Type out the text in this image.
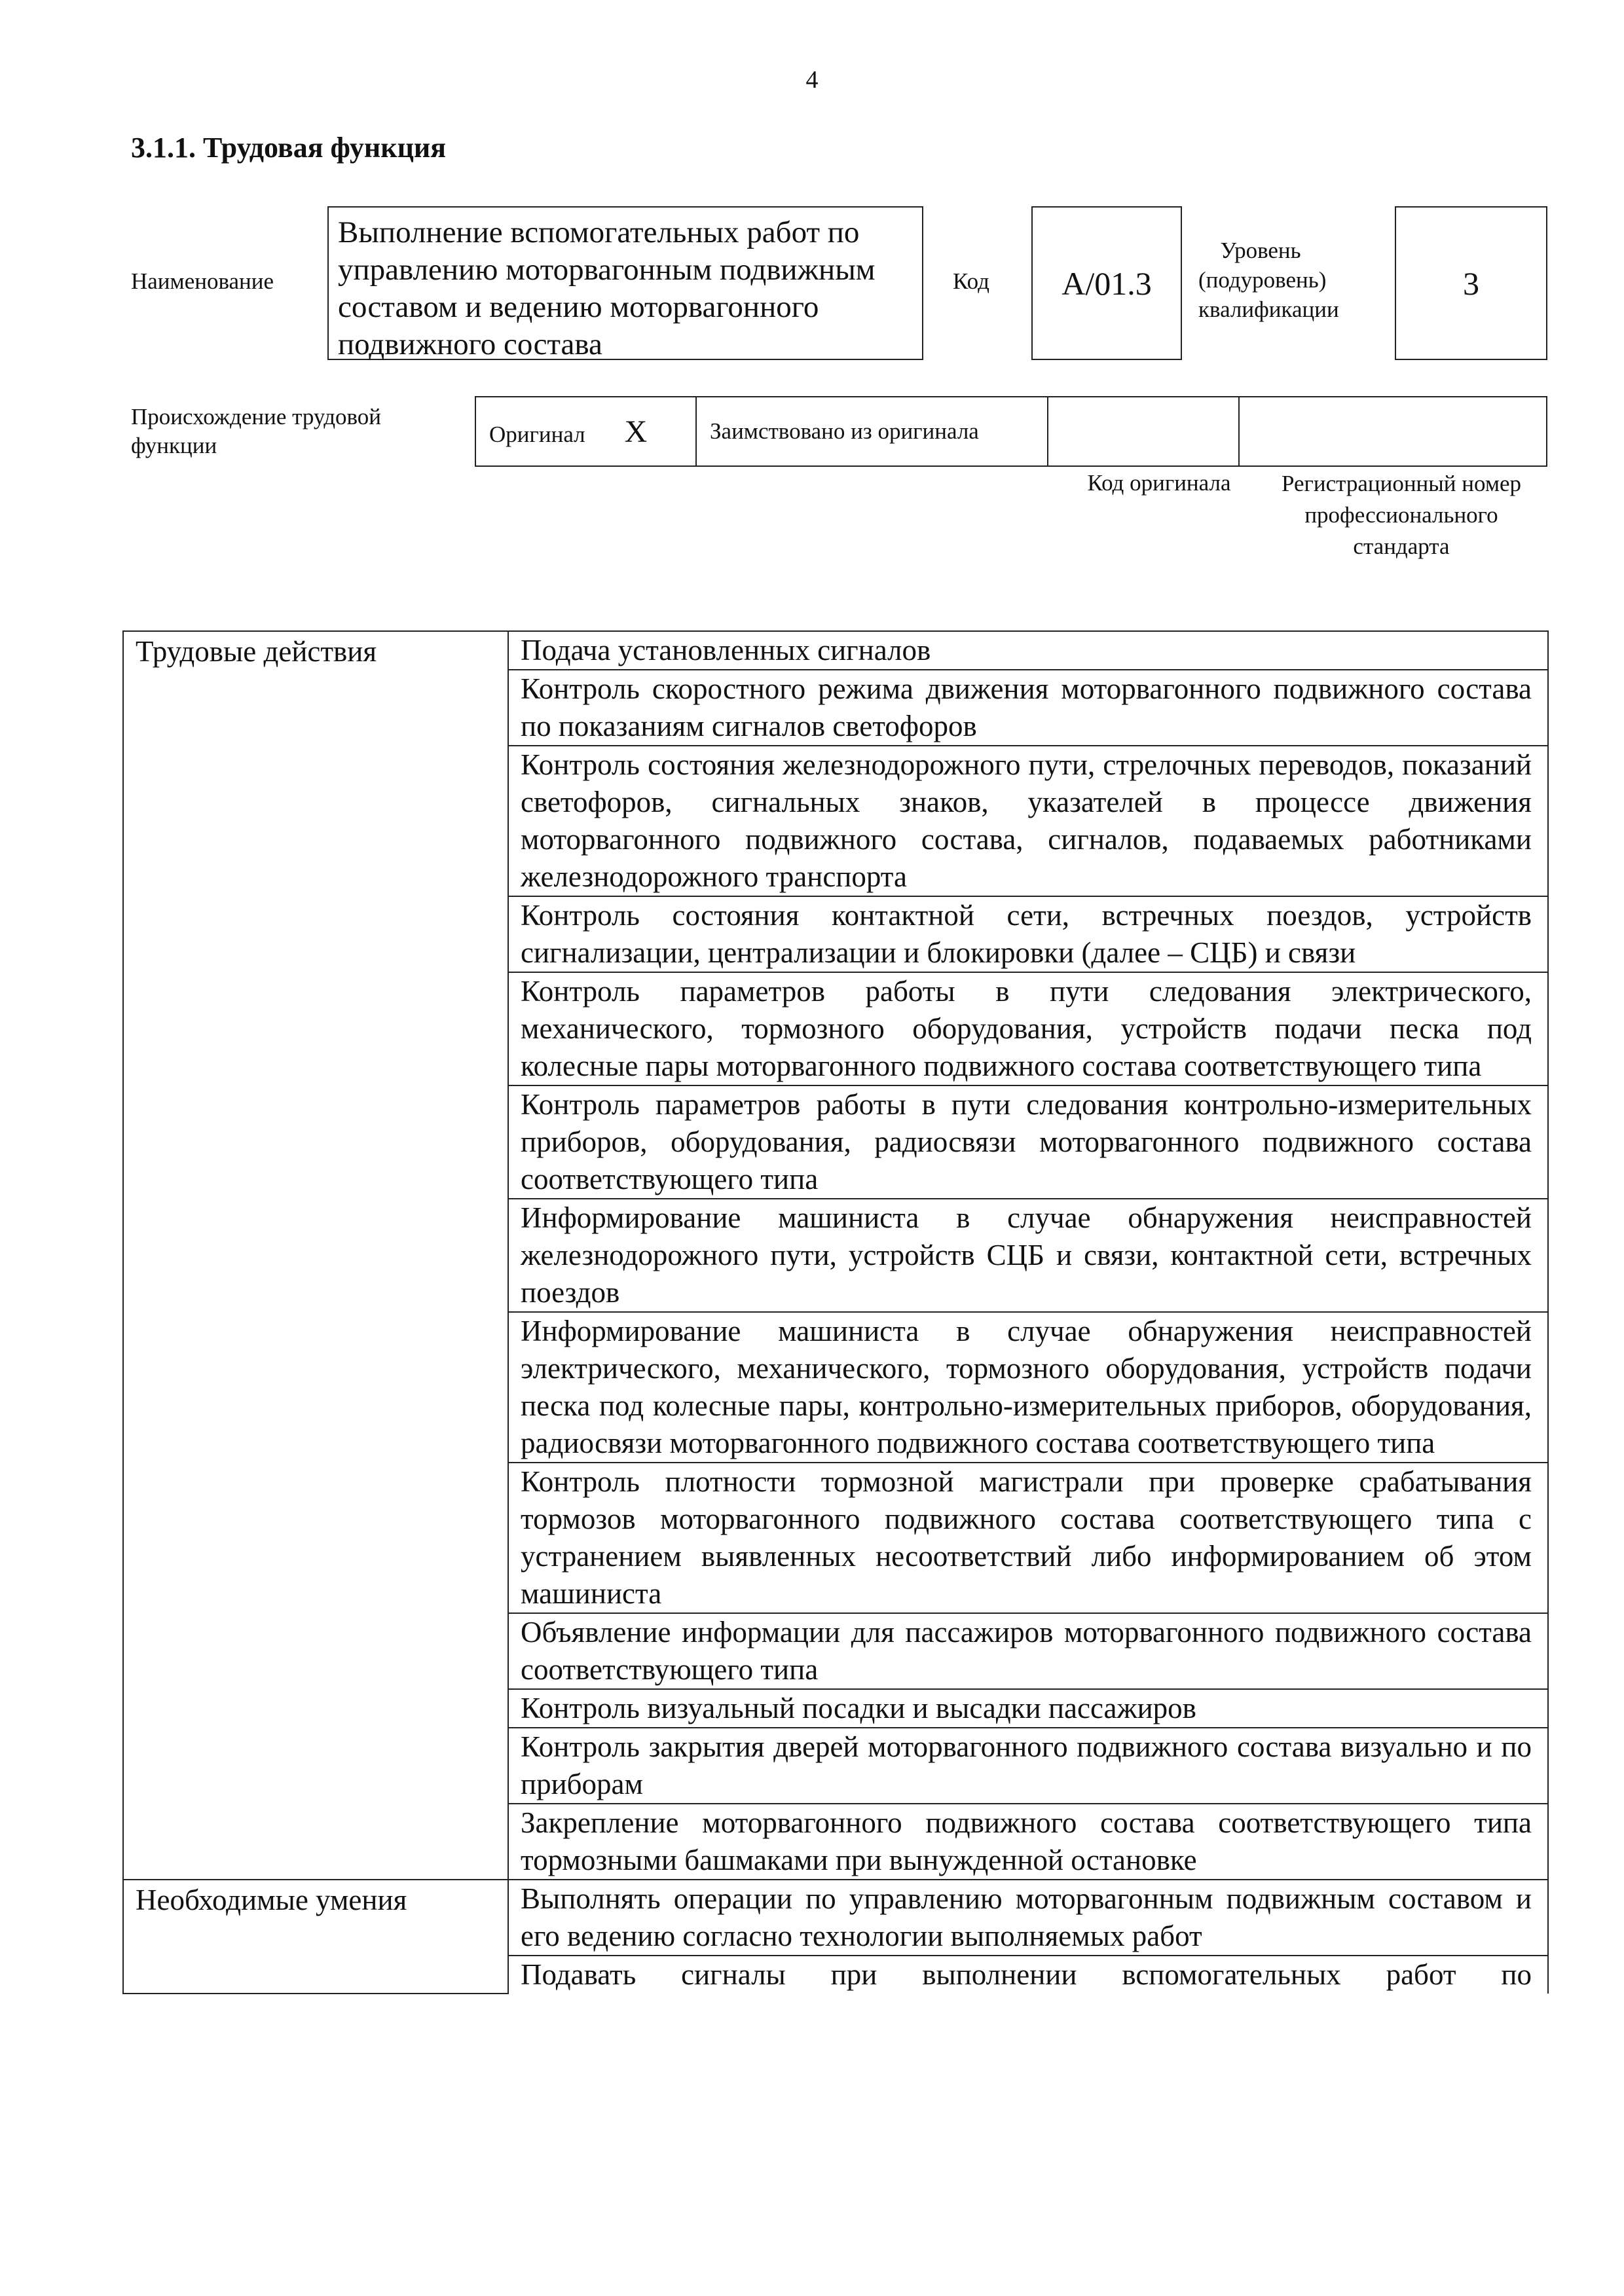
4
3.1.1. Трудовая функция
Наименование
Выполнение вспомогательных работ по управлению моторвагонным подвижным составом и ведению моторвагонного подвижного состава
Код	А/01.3
Уровень (подуровень) квалификации
3
Происхождение трудовой функции	Оригинал X	Заимствовано из оригинала		
Код оригинала	Регистрационный номер профессионального стандарта
Трудовые действия	Подача установленных сигналов
	Контроль скоростного режима движения моторвагонного подвижного состава по показаниям сигналов светофоров
	Контроль состояния железнодорожного пути, стрелочных переводов, показаний светофоров, сигнальных знаков, указателей в процессе движения моторвагонного подвижного состава, сигналов, подаваемых работниками железнодорожного транспорта
	Контроль состояния контактной сети, встречных поездов, устройств сигнализации, централизации и блокировки (далее – СЦБ) и связи
	Контроль параметров работы в пути следования электрического, механического, тормозного оборудования, устройств подачи песка под колесные пары моторвагонного подвижного состава соответствующего типа
	Контроль параметров работы в пути следования контрольно-измерительных приборов, оборудования, радиосвязи моторвагонного подвижного состава соответствующего типа
	Информирование машиниста в случае обнаружения неисправностей железнодорожного пути, устройств СЦБ и связи, контактной сети, встречных поездов
	Информирование машиниста в случае обнаружения неисправностей электрического, механического, тормозного оборудования, устройств подачи песка под колесные пары, контрольно-измерительных приборов, оборудования, радиосвязи моторвагонного подвижного состава соответствующего типа
	Контроль плотности тормозной магистрали при проверке срабатывания тормозов моторвагонного подвижного состава соответствующего типа с устранением выявленных несоответствий либо информированием об этом машиниста
	Объявление информации для пассажиров моторвагонного подвижного состава соответствующего типа
	Контроль визуальный посадки и высадки пассажиров
	Контроль закрытия дверей моторвагонного подвижного состава визуально и по приборам
	Закрепление моторвагонного подвижного состава соответствующего типа тормозными башмаками при вынужденной остановке
Необходимые умения	Выполнять операции по управлению моторвагонным подвижным составом и его ведению согласно технологии выполняемых работ
	Подавать сигналы при выполнении вспомогательных работ по
